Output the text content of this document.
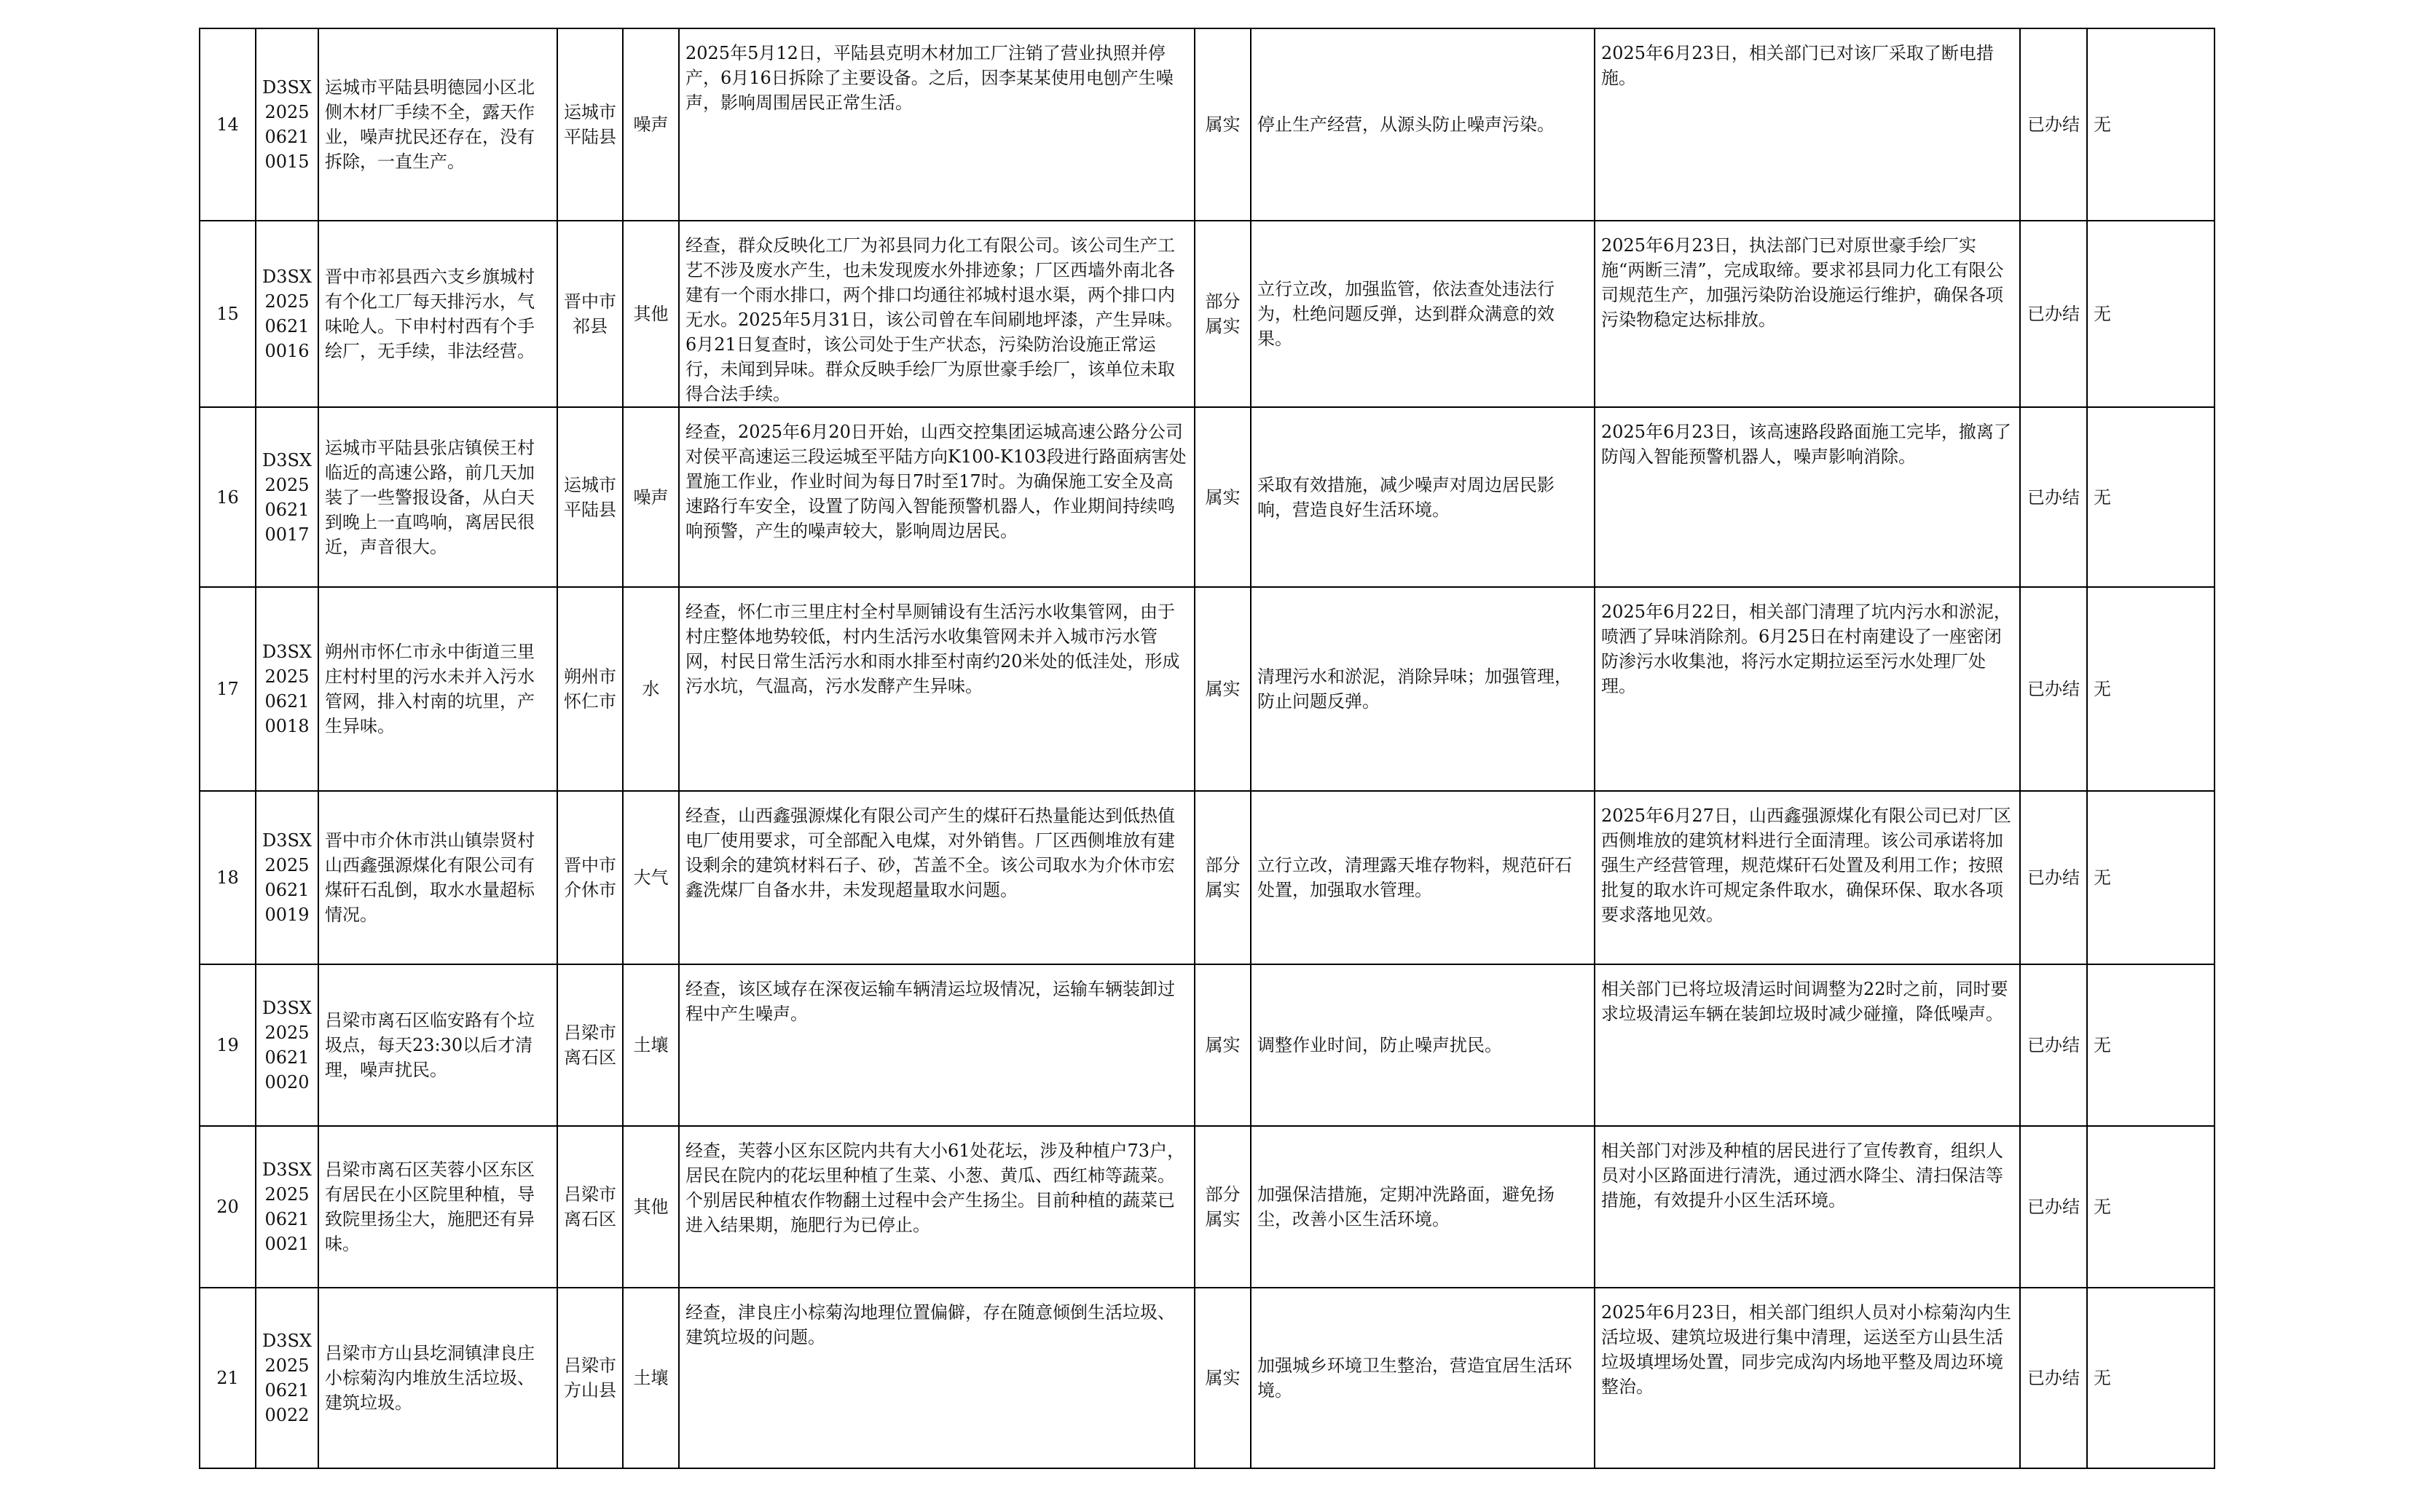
14	D3SX202506210015	运城市平陆县明德园小区北侧木材厂手续不全，露天作业，噪声扰民还存在，没有拆除，一直生产。	运城市平陆县	噪声	2025年5月12日，平陆县克明木材加工厂注销了营业执照并停产，6月16日拆除了主要设备。之后，因李某某使用电刨产生噪声，影响周围居民正常生活。	属实	停止生产经营，从源头防止噪声污染。	2025年6月23日，相关部门已对该厂采取了断电措施。	已办结	无
15	D3SX202506210016	晋中市祁县西六支乡旗城村有个化工厂每天排污水，气味呛人。下申村村西有个手绘厂，无手续，非法经营。	晋中市祁县	其他	经查，群众反映化工厂为祁县同力化工有限公司。该公司生产工艺不涉及废水产生，也未发现废水外排迹象；厂区西墙外南北各建有一个雨水排口，两个排口均通往祁城村退水渠，两个排口内无水。2025年5月31日，该公司曾在车间刷地坪漆，产生异味。6月21日复查时，该公司处于生产状态，污染防治设施正常运行，未闻到异味。群众反映手绘厂为原世豪手绘厂，该单位未取得合法手续。	部分属实	立行立改，加强监管，依法查处违法行为，杜绝问题反弹，达到群众满意的效果。	2025年6月23日，执法部门已对原世豪手绘厂实施“两断三清”，完成取缔。要求祁县同力化工有限公司规范生产，加强污染防治设施运行维护，确保各项污染物稳定达标排放。	已办结	无
16	D3SX202506210017	运城市平陆县张店镇侯王村临近的高速公路，前几天加装了一些警报设备，从白天到晚上一直鸣响，离居民很近，声音很大。	运城市平陆县	噪声	经查，2025年6月20日开始，山西交控集团运城高速公路分公司对侯平高速运三段运城至平陆方向K100-K103段进行路面病害处置施工作业，作业时间为每日7时至17时。为确保施工安全及高速路行车安全，设置了防闯入智能预警机器人，作业期间持续鸣响预警，产生的噪声较大，影响周边居民。	属实	采取有效措施，减少噪声对周边居民影响，营造良好生活环境。	2025年6月23日，该高速路段路面施工完毕，撤离了防闯入智能预警机器人，噪声影响消除。	已办结	无
17	D3SX202506210018	朔州市怀仁市永中街道三里庄村村里的污水未并入污水管网，排入村南的坑里，产生异味。	朔州市怀仁市	水	经查，怀仁市三里庄村全村旱厕铺设有生活污水收集管网，由于村庄整体地势较低，村内生活污水收集管网未并入城市污水管网，村民日常生活污水和雨水排至村南约20米处的低洼处，形成污水坑，气温高，污水发酵产生异味。	属实	清理污水和淤泥，消除异味；加强管理，防止问题反弹。	2025年6月22日，相关部门清理了坑内污水和淤泥，喷洒了异味消除剂。6月25日在村南建设了一座密闭防渗污水收集池，将污水定期拉运至污水处理厂处理。	已办结	无
18	D3SX202506210019	晋中市介休市洪山镇崇贤村山西鑫强源煤化有限公司有煤矸石乱倒，取水水量超标情况。	晋中市介休市	大气	经查，山西鑫强源煤化有限公司产生的煤矸石热量能达到低热值电厂使用要求，可全部配入电煤，对外销售。厂区西侧堆放有建设剩余的建筑材料石子、砂，苫盖不全。该公司取水为介休市宏鑫洗煤厂自备水井，未发现超量取水问题。	部分属实	立行立改，清理露天堆存物料，规范矸石处置，加强取水管理。	2025年6月27日，山西鑫强源煤化有限公司已对厂区西侧堆放的建筑材料进行全面清理。该公司承诺将加强生产经营管理，规范煤矸石处置及利用工作；按照批复的取水许可规定条件取水，确保环保、取水各项要求落地见效。	已办结	无
19	D3SX202506210020	吕梁市离石区临安路有个垃圾点，每天23:30以后才清理，噪声扰民。	吕梁市离石区	土壤	经查，该区域存在深夜运输车辆清运垃圾情况，运输车辆装卸过程中产生噪声。	属实	调整作业时间，防止噪声扰民。	相关部门已将垃圾清运时间调整为22时之前，同时要求垃圾清运车辆在装卸垃圾时减少碰撞，降低噪声。	已办结	无
20	D3SX202506210021	吕梁市离石区芙蓉小区东区有居民在小区院里种植，导致院里扬尘大，施肥还有异味。	吕梁市离石区	其他	经查，芙蓉小区东区院内共有大小61处花坛，涉及种植户73户，居民在院内的花坛里种植了生菜、小葱、黄瓜、西红柿等蔬菜。个别居民种植农作物翻土过程中会产生扬尘。目前种植的蔬菜已进入结果期，施肥行为已停止。	部分属实	加强保洁措施，定期冲洗路面，避免扬尘，改善小区生活环境。	相关部门对涉及种植的居民进行了宣传教育，组织人员对小区路面进行清洗，通过洒水降尘、清扫保洁等措施，有效提升小区生活环境。	已办结	无
21	D3SX202506210022	吕梁市方山县圪洞镇津良庄小棕菊沟内堆放生活垃圾、建筑垃圾。	吕梁市方山县	土壤	经查，津良庄小棕菊沟地理位置偏僻，存在随意倾倒生活垃圾、建筑垃圾的问题。	属实	加强城乡环境卫生整治，营造宜居生活环境。	2025年6月23日，相关部门组织人员对小棕菊沟内生活垃圾、建筑垃圾进行集中清理，运送至方山县生活垃圾填埋场处置，同步完成沟内场地平整及周边环境整治。	已办结	无
